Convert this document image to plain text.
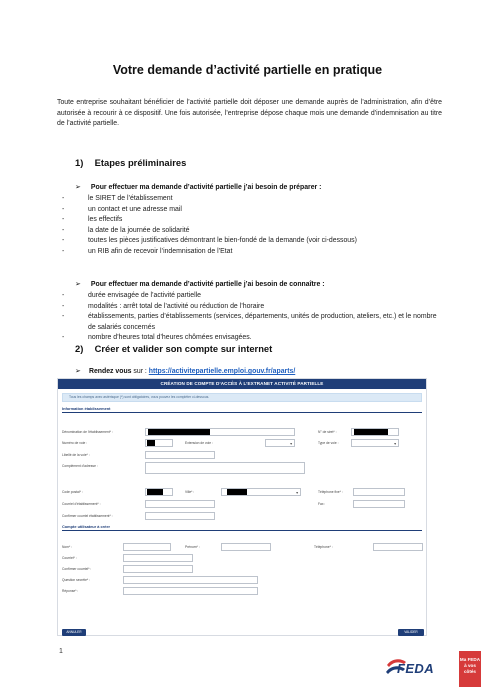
Votre demande d’activité partielle en pratique

Toute entreprise souhaitant bénéficier de l’activité partielle doit déposer une demande auprès de l’administration, afin d’être autorisée à recourir à ce dispositif. Une fois autorisée, l’entreprise dépose chaque mois une demande d’indemnisation au titre de l’activité partielle.

1) Etapes préliminaires
➢ Pour effectuer ma demande d’activité partielle j’ai besoin de préparer :
-	le SIRET de l’établissement
-	un contact et une adresse mail
-	les effectifs
-	la date de la journée de solidarité
-	toutes les pièces justificatives démontrant le bien-fondé de la demande (voir ci-dessous)
-	un RIB afin de recevoir l’indemnisation de l’Etat
➢ Pour effectuer ma demande d’activité partielle j’ai besoin de connaître :
-	durée envisagée de l’activité partielle
-	modalités : arrêt total de l’activité ou réduction de l’horaire
-	établissements, parties d’établissements (services, départements, unités de production, ateliers, etc.) et le nombre de salariés concernés
-	nombre d’heures total d’heures chômées envisagées.
2) Créer et valider son compte sur internet
➢ Rendez vous sur : https://activitepartielle.emploi.gouv.fr/aparts/
CRÉATION DE COMPTE D’ACCÈS À L’EXTRANET ACTIVITÉ PARTIELLE
Tous les champs avec astérisque (*) sont obligatoires, vous pouvez les compléter ci-dessous.
Information établissement
Dénomination de l’établissement* :	N° de siret* :
Numéro de voie :	Extension de voie :	▾	Type de voie :	▾
Libellé de la voie* :
Complément d’adresse :
Code postal* :	Ville* :	▾	Téléphone fixe* :
Courriel d’établissement* :	Fax :
Confirmer courriel établissement* :
Compte utilisateur à créer
Nom* :	Prénom* :	Téléphone* :
Courriel* :
Confirmer courriel* :
Question secrète* :
Réponse* :
ANNULER	VALIDER
1
FEDA
Ma FEDA à vos côtés
